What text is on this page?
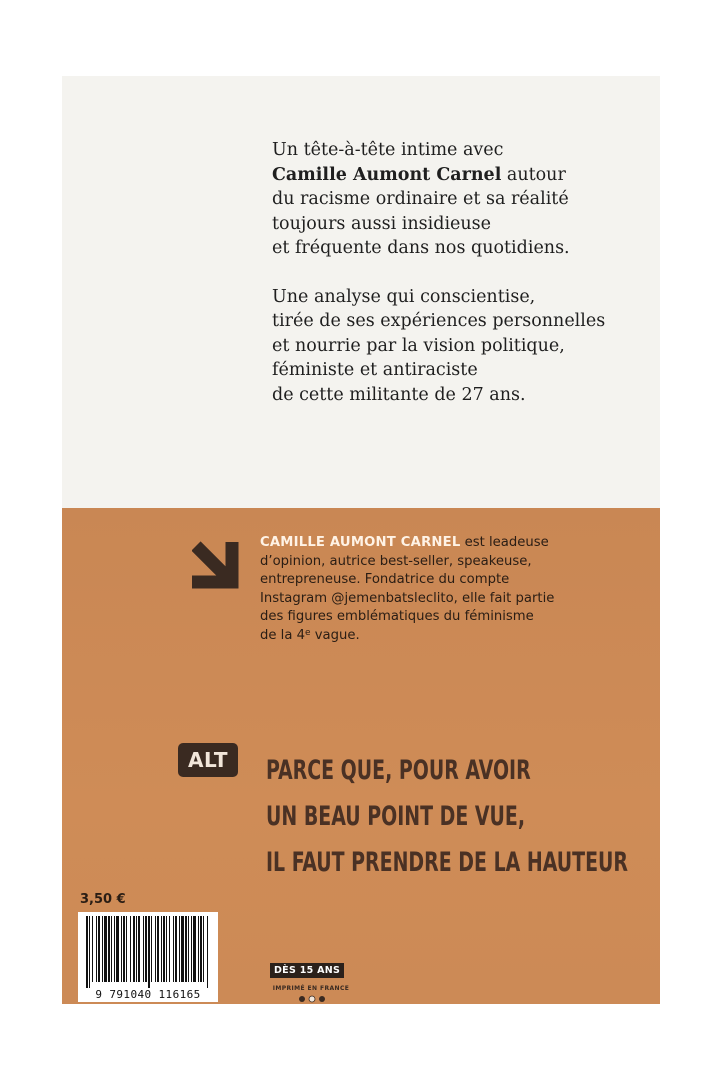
Un tête-à-tête intime avec
Camille Aumont Carnel autour
du racisme ordinaire et sa réalité
toujours aussi insidieuse
et fréquente dans nos quotidiens.

Une analyse qui conscientise,
tirée de ses expériences personnelles
et nourrie par la vision politique,
féministe et antiraciste
de cette militante de 27 ans.

CAMILLE AUMONT CARNEL est leadeuse
d’opinion, autrice best-seller, speakeuse,
entrepreneuse. Fondatrice du compte
Instagram @jemenbatsleclito, elle fait partie
des figures emblématiques du féminisme
de la 4e vague.
ALT	PARCE QUE, POUR AVOIR
UN BEAU POINT DE VUE,
IL FAUT PRENDRE DE LA HAUTEUR
3,50 €
9 791040 116165
DÈS 15 ANS
IMPRIMÉ EN FRANCE
